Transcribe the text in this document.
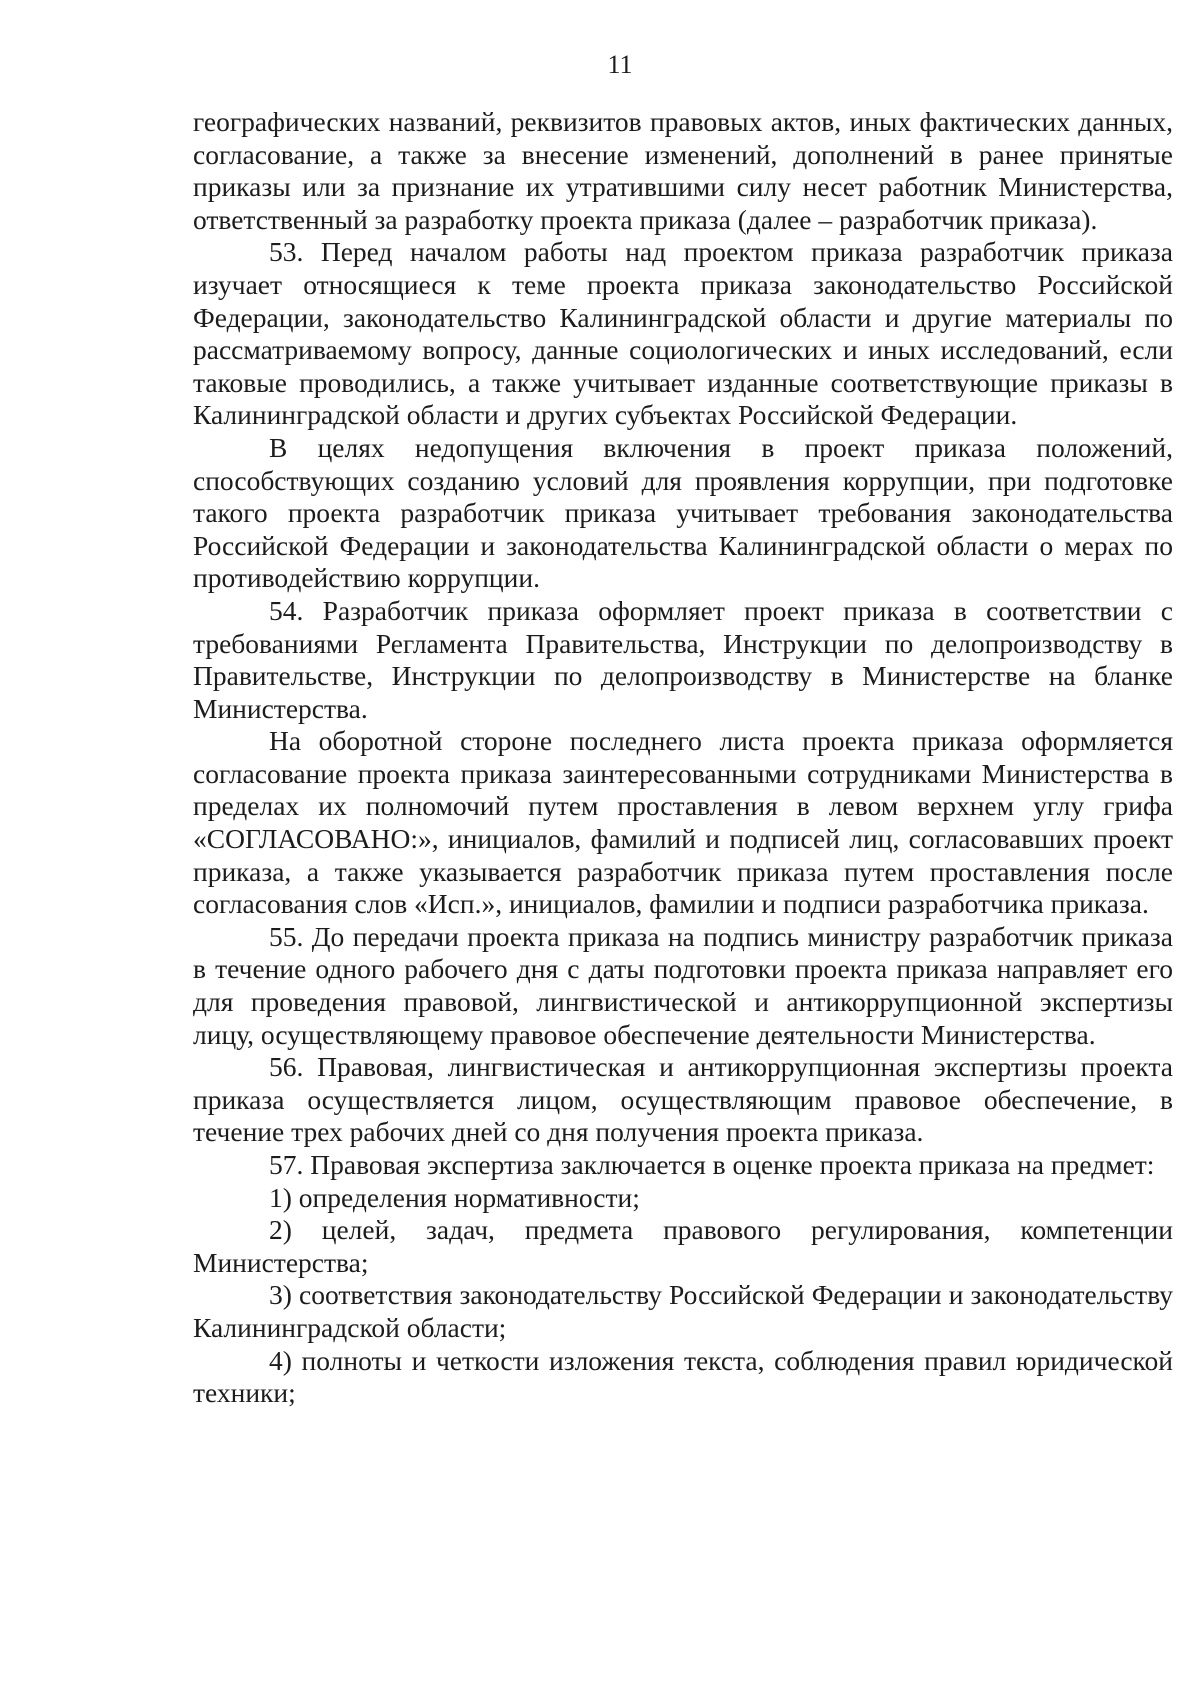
11

географических названий, реквизитов правовых актов, иных фактических данных, согласование, а также за внесение изменений, дополнений в ранее принятые приказы или за признание их утратившими силу несет работник Министерства, ответственный за разработку проекта приказа (далее – разработчик приказа).

53. Перед началом работы над проектом приказа разработчик приказа изучает относящиеся к теме проекта приказа законодательство Российской Федерации, законодательство Калининградской области и другие материалы по рассматриваемому вопросу, данные социологических и иных исследований, если таковые проводились, а также учитывает изданные соответствующие приказы в Калининградской области и других субъектах Российской Федерации.

В целях недопущения включения в проект приказа положений, способствующих созданию условий для проявления коррупции, при подготовке такого проекта разработчик приказа учитывает требования законодательства Российской Федерации и законодательства Калининградской области о мерах по противодействию коррупции.

54. Разработчик приказа оформляет проект приказа в соответствии с требованиями Регламента Правительства, Инструкции по делопроизводству в Правительстве, Инструкции по делопроизводству в Министерстве на бланке Министерства.

На оборотной стороне последнего листа проекта приказа оформляется согласование проекта приказа заинтересованными сотрудниками Министерства в пределах их полномочий путем проставления в левом верхнем углу грифа «СОГЛАСОВАНО:», инициалов, фамилий и подписей лиц, согласовавших проект приказа, а также указывается разработчик приказа путем проставления после согласования слов «Исп.», инициалов, фамилии и подписи разработчика приказа.

55. До передачи проекта приказа на подпись министру разработчик приказа в течение одного рабочего дня с даты подготовки проекта приказа направляет его для проведения правовой, лингвистической и антикоррупционной экспертизы лицу, осуществляющему правовое обеспечение деятельности Министерства.

56. Правовая, лингвистическая и антикоррупционная экспертизы проекта приказа осуществляется лицом, осуществляющим правовое обеспечение, в течение трех рабочих дней со дня получения проекта приказа.

57. Правовая экспертиза заключается в оценке проекта приказа на предмет:

1) определения нормативности;

2) целей, задач, предмета правового регулирования, компетенции Министерства;

3) соответствия законодательству Российской Федерации и законодательству Калининградской области;

4) полноты и четкости изложения текста, соблюдения правил юридической техники;
